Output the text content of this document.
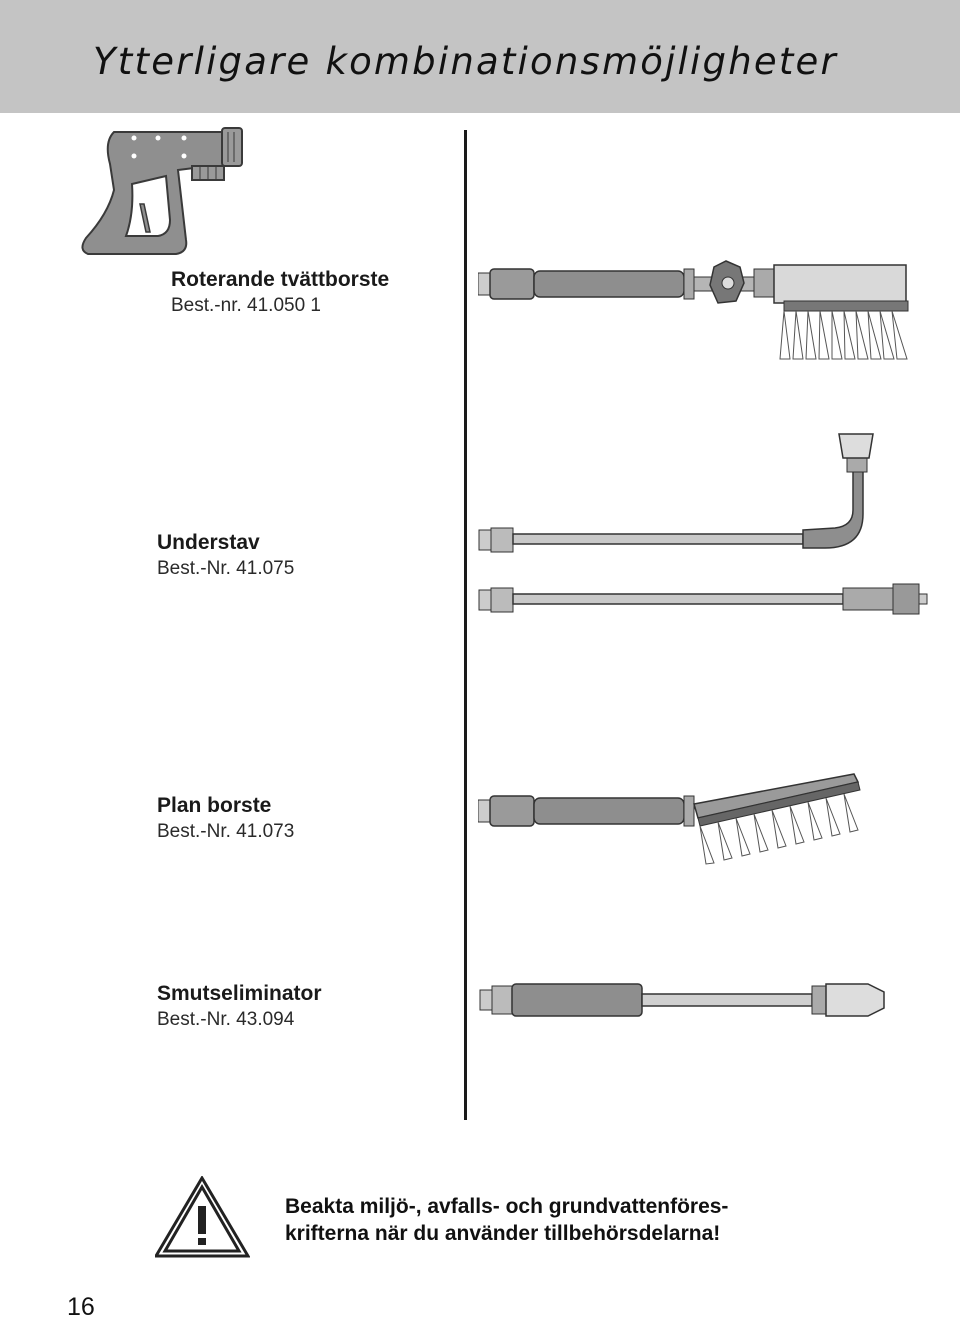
Ytterligare kombinationsmöjligheter
Roterande tvättborste
Best.-nr. 41.050 1
Understav
Best.-Nr. 41.075
Plan borste
Best.-Nr. 41.073
Smutseliminator
Best.-Nr. 43.094
Beakta miljö-, avfalls- och grundvattenföres-
krifterna när du använder tillbehörsdelarna!
16
